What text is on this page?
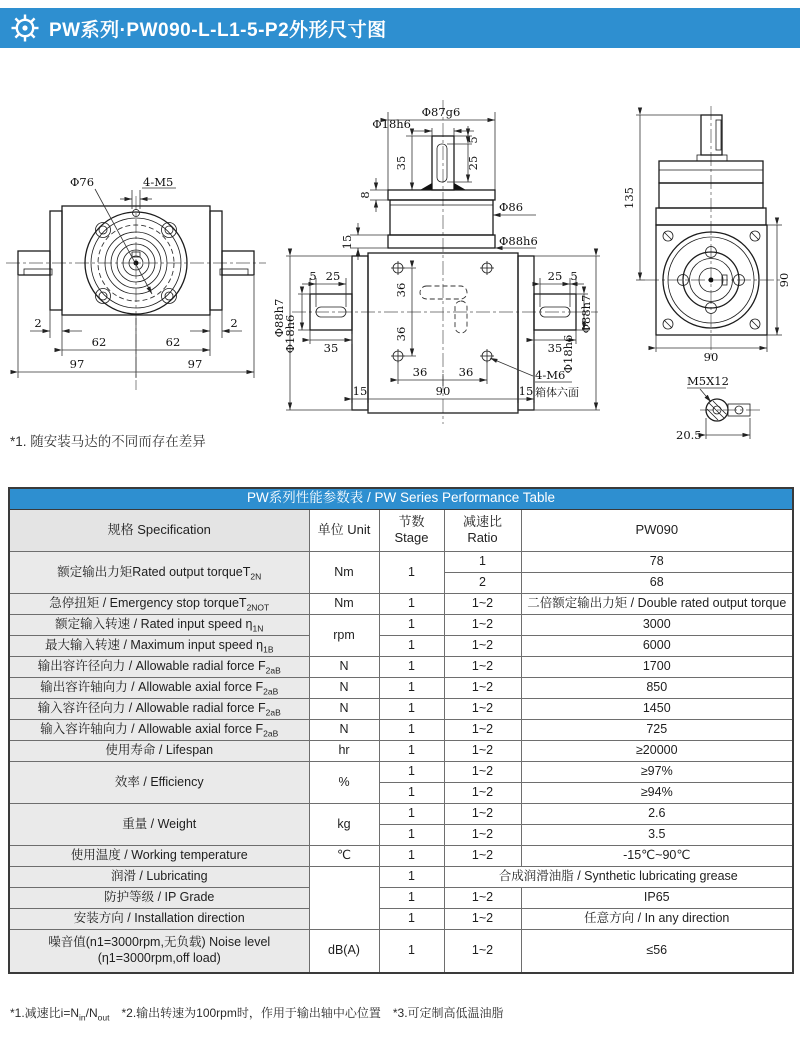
PW系列·PW090-L-L1-5-P2外形尺寸图
Φ76	4-M5
2	2
62	62
97	97
Φ87g6
Φ18h6
5
25
35
8
Φ86
Φ88h6
15
36
36
36	36
15	90	15
Φ88h7
5 25
Φ18h6 35
25 5
35
Φ18h6
Φ88h7
4-M6
箱体六面
135
90
90
M5X12
20.5
*1. 随安装马达的不同而存在差异
PW系列性能参数表 / PW Series Performance Table				
规格 Specification	单位 Unit	节数 Stage	减速比 Ratio	PW090
额定输出力矩Rated output torqueT$_{2N}$	Nm	1	1	78
			2	68
急停扭矩 / Emergency stop torqueT$_{2NOT}$	Nm	1	1~2	二倍额定输出力矩 / Double rated output torque
额定输入转速 / Rated input speed $\eta_{1N}$	rpm	1	1~2	3000
最大输入转速 / Maximum input speed $\eta_{1B}$		1	1~2	6000
输出容许径向力 / Allowable radial force $F_{2aB}$	N	1	1~2	1700
输出容许轴向力 / Allowable axial force $F_{2aB}$	N	1	1~2	850
输入容许径向力 / Allowable radial force $F_{2aB}$	N	1	1~2	1450
输入容许轴向力 / Allowable axial force $F_{2aB}$	N	1	1~2	725
使用寿命 / Lifespan	hr	1	1~2	≥20000
效率 / Efficiency	%	1	1~2	≥97%
		1	1~2	≥94%
重量 / Weight	kg	1	1~2	2.6
		1	1~2	3.5
使用温度 / Working temperature	℃	1	1~2	-15℃~90℃
润滑 / Lubricating		1	合成润滑油脂 / Synthetic lubricating grease	
防护等级 / IP Grade		1	1~2	IP65
安装方向 / Installation direction		1	1~2	任意方向 / In any direction

噪音值(n1=3000rpm,无负载) Noise level
(η1=3000rpm,off load)	dB(A)	1	1~2	≤56
*1.减速比$i=N_{in}/N_{out}$　*2.输出转速为100rpm时，作用于输出轴中心位置　*3.可定制高低温油脂
